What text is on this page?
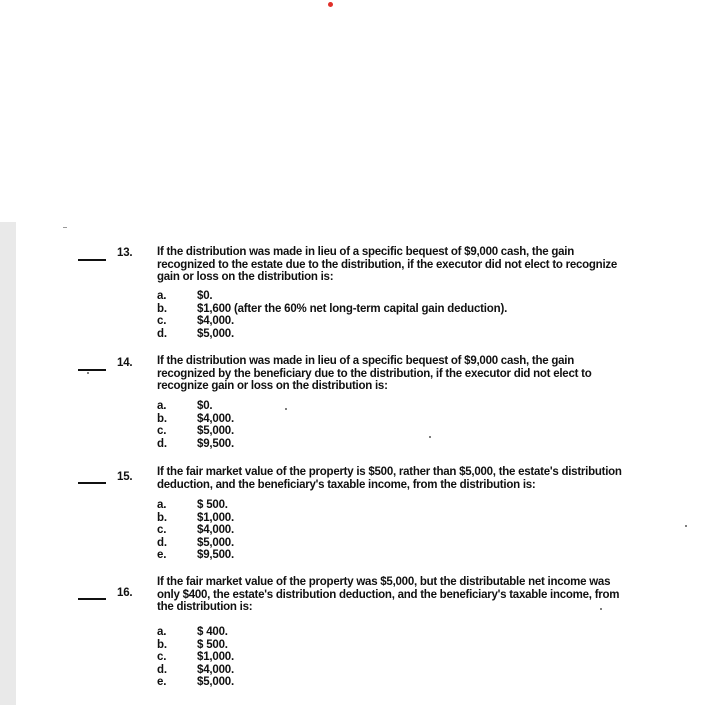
13. If the distribution was made in lieu of a specific bequest of $9,000 cash, the gain recognized to the estate due to the distribution, if the executor did not elect to recognize gain or loss on the distribution is:

a.	$0.
b.	$1,600 (after the 60% net long-term capital gain deduction).
c.	$4,000.
d.	$5,000.
14. If the distribution was made in lieu of a specific bequest of $9,000 cash, the gain recognized by the beneficiary due to the distribution, if the executor did not elect to recognize gain or loss on the distribution is:

a.	$0.
b.	$4,000.
c.	$5,000.
d.	$9,500.
15. If the fair market value of the property is $500, rather than $5,000, the estate's distribution deduction, and the beneficiary's taxable income, from the distribution is:

a.	$ 500.
b.	$1,000.
c.	$4,000.
d.	$5,000.
e.	$9,500.
16.

If the fair market value of the property was $5,000, but the distributable net income was only $400, the estate's distribution deduction, and the beneficiary's taxable income, from the distribution is:

a.	$ 400.
b.	$ 500.
c.	$1,000.
d.	$4,000.
e.	$5,000.
